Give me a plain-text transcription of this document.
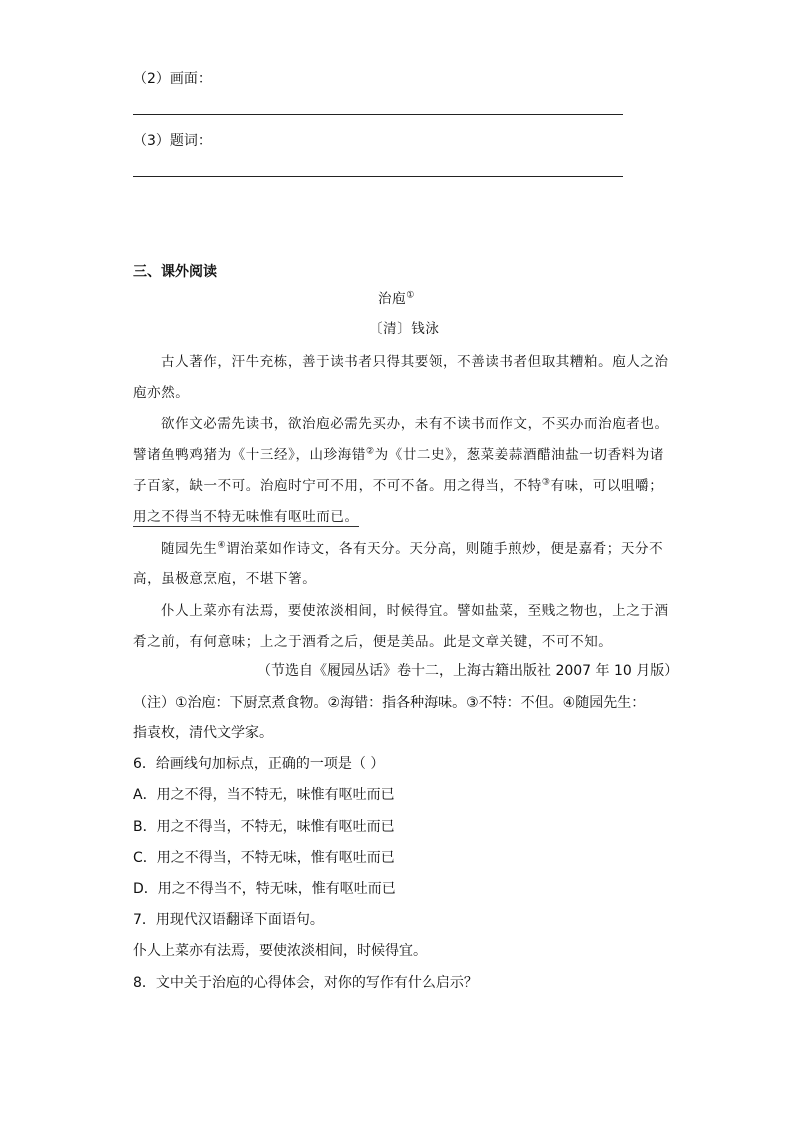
（2）画面：
（3）题词：
三、课外阅读
治庖①
〔清〕钱泳
古人著作，汗牛充栋，善于读书者只得其要领，不善读书者但取其糟粕。庖人之治
庖亦然。
欲作文必需先读书，欲治庖必需先买办，未有不读书而作文，不买办而治庖者也。
譬诸鱼鸭鸡猪为《十三经》，山珍海错②为《廿二史》，葱菜姜蒜酒醋油盐一切香料为诸
子百家，缺一不可。治庖时宁可不用，不可不备。用之得当，不特③有味，可以咀嚼；
用之不得当不特无味惟有呕吐而已。
随园先生④谓治菜如作诗文，各有天分。天分高，则随手煎炒，便是嘉肴；天分不
高，虽极意烹庖，不堪下箸。
仆人上菜亦有法焉，要使浓淡相间，时候得宜。譬如盐菜，至贱之物也，上之于酒
肴之前，有何意味；上之于酒肴之后，便是美品。此是文章关键，不可不知。
（节选自《履园丛话》卷十二，上海古籍出版社 2007 年 10 月版）
（注）①治庖：下厨烹煮食物。②海错：指各种海味。③不特：不但。④随园先生：
指袁枚，清代文学家。
6．给画线句加标点，正确的一项是（ ）
A．用之不得，当不特无，味惟有呕吐而已
B．用之不得当，不特无，味惟有呕吐而已
C．用之不得当，不特无味，惟有呕吐而已
D．用之不得当不，特无味，惟有呕吐而已
7．用现代汉语翻译下面语句。
仆人上菜亦有法焉，要使浓淡相间，时候得宜。
8．文中关于治庖的心得体会，对你的写作有什么启示？
